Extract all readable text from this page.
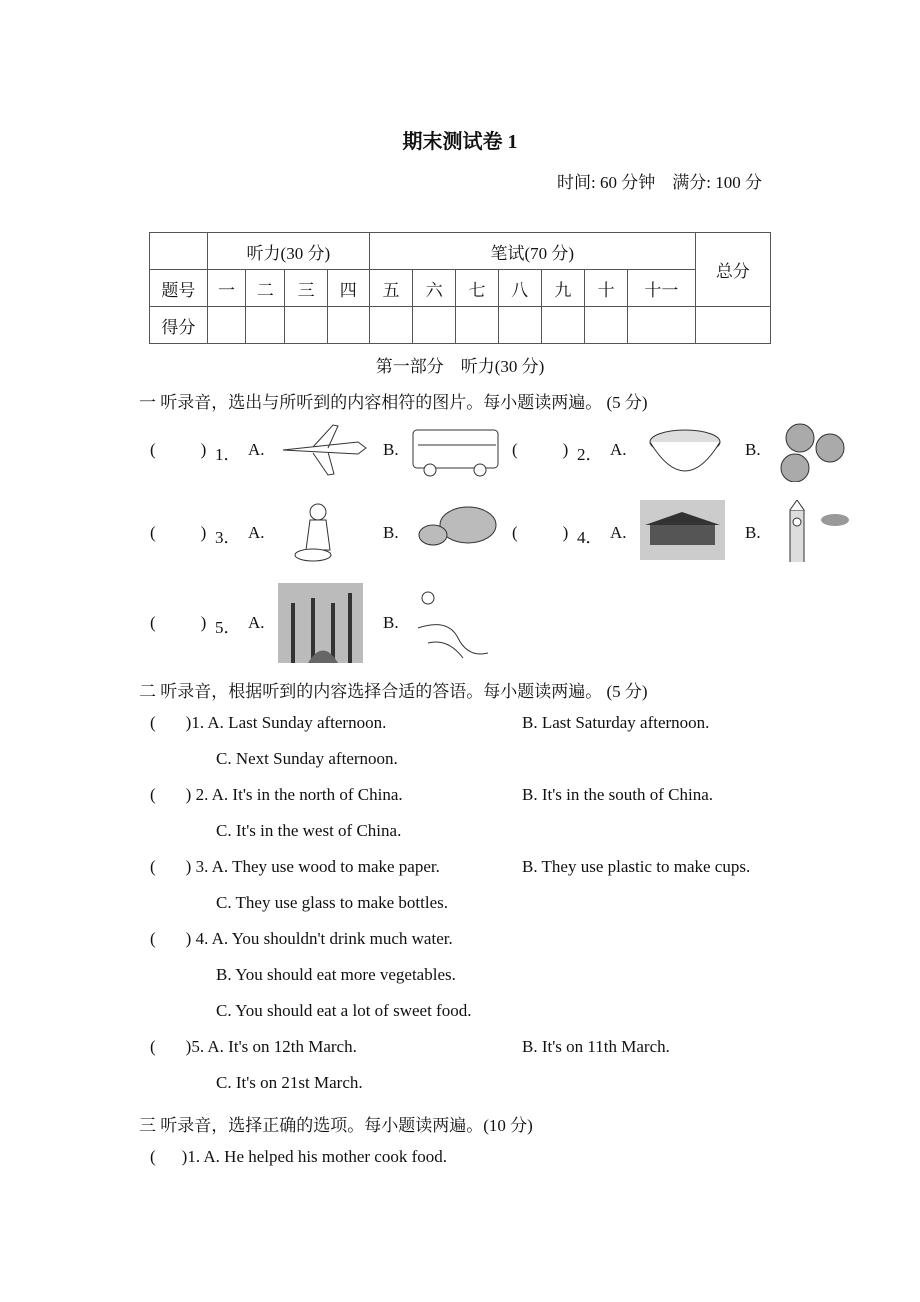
期末测试卷 1
时间: 60 分钟　满分: 100 分
	听力(30 分)				笔试(70 分)							总分
题号	一	二	三	四	五	六	七	八	九	十	十一	
得分												
第一部分　听力(30 分)
一 听录音，选出与所听到的内容相符的图片。每小题读两遍。 (5 分)
(	) 1． A.	B.	(	) 2． A.	B.
(	) 3． A.	B.	(	) 4． A.	B.
(	) 5． A.	B.
二 听录音，根据听到的内容选择合适的答语。每小题读两遍。 (5 分)
( )1. A. Last Sunday afternoon.	B. Last Saturday afternoon.
C. Next Sunday afternoon.
( ) 2. A. It's in the north of China.	B. It's in the south of China.
C. It's in the west of China.
( ) 3. A. They use wood to make paper.	B. They use plastic to make cups.
C. They use glass to make bottles.
( ) 4. A. You shouldn't drink much water.
B. You should eat more vegetables.
C. You should eat a lot of sweet food.
( )5. A. It's on 12th March.	B. It's on 11th March.
C. It's on 21st March.
三 听录音，选择正确的选项。每小题读两遍。(10 分)
( )1. A. He helped his mother cook food.
